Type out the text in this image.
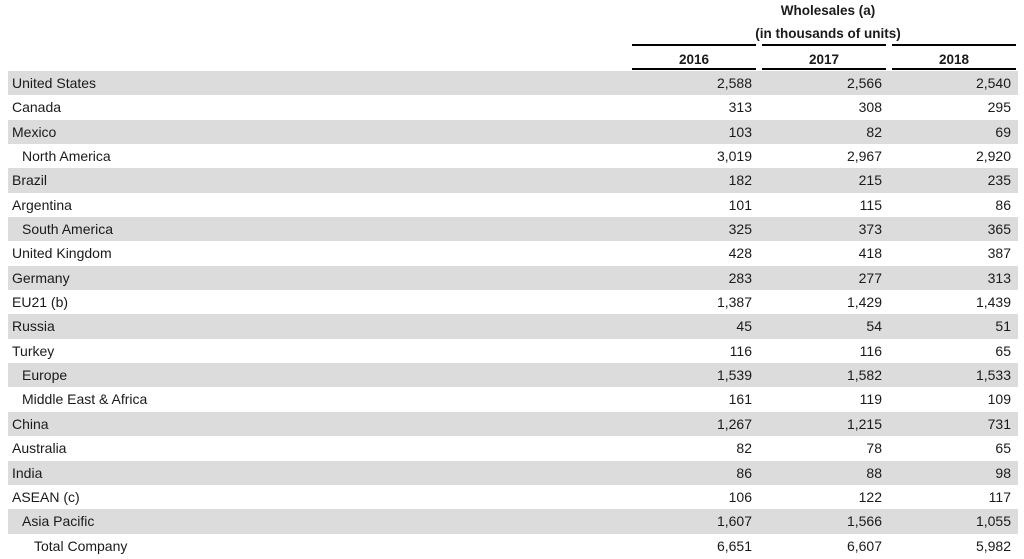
Wholesales (a)
(in thousands of units)
2016	2017	2018
United States	2,588	2,566	2,540
Canada	313	308	295
Mexico	103	82	69
North America	3,019	2,967	2,920
Brazil	182	215	235
Argentina	101	115	86
South America	325	373	365
United Kingdom	428	418	387
Germany	283	277	313
EU21 (b)	1,387	1,429	1,439
Russia	45	54	51
Turkey	116	116	65
Europe	1,539	1,582	1,533
Middle East & Africa	161	119	109
China	1,267	1,215	731
Australia	82	78	65
India	86	88	98
ASEAN (c)	106	122	117
Asia Pacific	1,607	1,566	1,055
Total Company	6,651	6,607	5,982
